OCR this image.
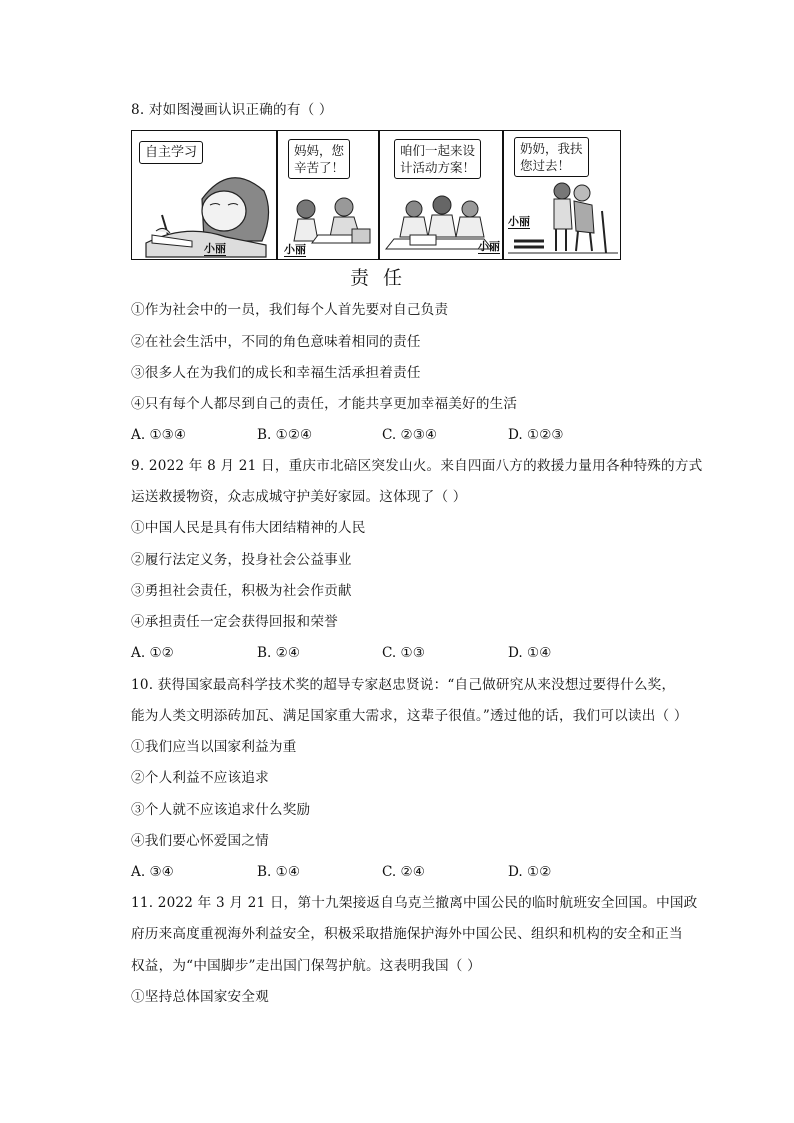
8. 对如图漫画认识正确的有（ ）
自主学习
小丽
妈妈，您
辛苦了！
小丽
咱们一起来设
计活动方案！
小丽
奶奶，我扶
您过去！
小丽
责任
①作为社会中的一员，我们每个人首先要对自己负责
②在社会生活中，不同的角色意味着相同的责任
③很多人在为我们的成长和幸福生活承担着责任
④只有每个人都尽到自己的责任，才能共享更加幸福美好的生活
A. ①③④	B. ①②④	C. ②③④	D. ①②③
9. 2022 年 8 月 21 日，重庆市北碚区突发山火。来自四面八方的救援力量用各种特殊的方式
运送救援物资，众志成城守护美好家园。这体现了（ ）
①中国人民是具有伟大团结精神的人民
②履行法定义务，投身社会公益事业
③勇担社会责任，积极为社会作贡献
④承担责任一定会获得回报和荣誉
A. ①②	B. ②④	C. ①③	D. ①④
10. 获得国家最高科学技术奖的超导专家赵忠贤说：“自己做研究从来没想过要得什么奖，
能为人类文明添砖加瓦、满足国家重大需求，这辈子很值。”透过他的话，我们可以读出（ ）
①我们应当以国家利益为重
②个人利益不应该追求
③个人就不应该追求什么奖励
④我们要心怀爱国之情
A. ③④	B. ①④	C. ②④	D. ①②
11. 2022 年 3 月 21 日，第十九架接返自乌克兰撤离中国公民的临时航班安全回国。中国政
府历来高度重视海外利益安全，积极采取措施保护海外中国公民、组织和机构的安全和正当
权益，为“中国脚步”走出国门保驾护航。这表明我国（ ）
①坚持总体国家安全观
